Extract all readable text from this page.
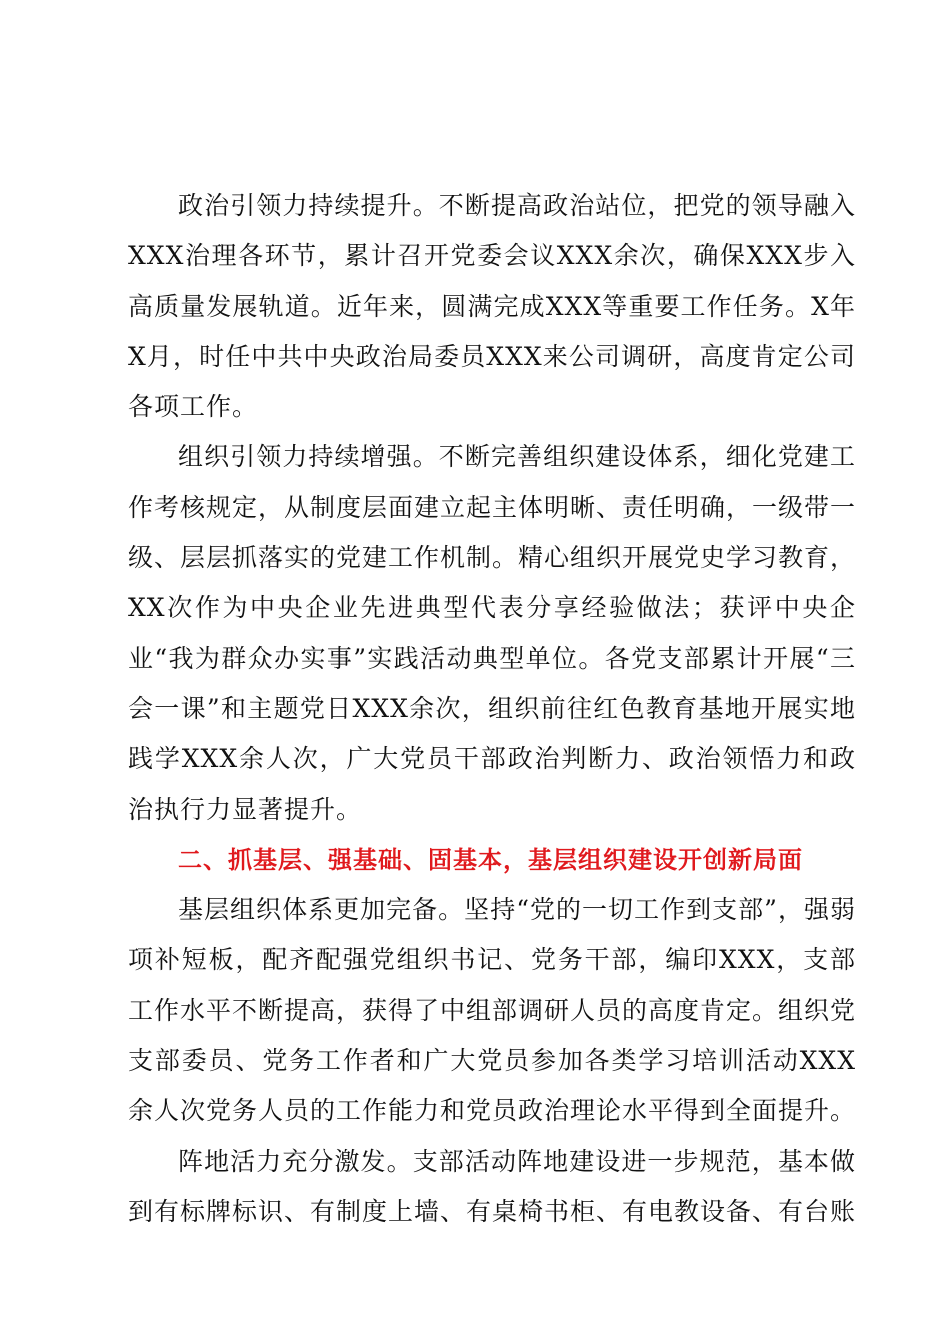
政治引领力持续提升。不断提高政治站位，把党的领导融入XXX治理各环节，累计召开党委会议XXX余次，确保XXX步入高质量发展轨道。近年来，圆满完成XXX等重要工作任务。X年X月，时任中共中央政治局委员XXX来公司调研，高度肯定公司各项工作。

组织引领力持续增强。不断完善组织建设体系，细化党建工作考核规定，从制度层面建立起主体明晰、责任明确，一级带一级、层层抓落实的党建工作机制。精心组织开展党史学习教育，XX次作为中央企业先进典型代表分享经验做法；获评中央企业“我为群众办实事”实践活动典型单位。各党支部累计开展“三会一课”和主题党日XXX余次，组织前往红色教育基地开展实地践学XXX余人次，广大党员干部政治判断力、政治领悟力和政治执行力显著提升。

二、抓基层、强基础、固基本，基层组织建设开创新局面

基层组织体系更加完备。坚持“党的一切工作到支部”，强弱项补短板，配齐配强党组织书记、党务干部，编印XXX，支部工作水平不断提高，获得了中组部调研人员的高度肯定。组织党支部委员、党务工作者和广大党员参加各类学习培训活动XXX余人次党务人员的工作能力和党员政治理论水平得到全面提升。

阵地活力充分激发。支部活动阵地建设进一步规范，基本做到有标牌标识、有制度上墙、有桌椅书柜、有电教设备、有台账
